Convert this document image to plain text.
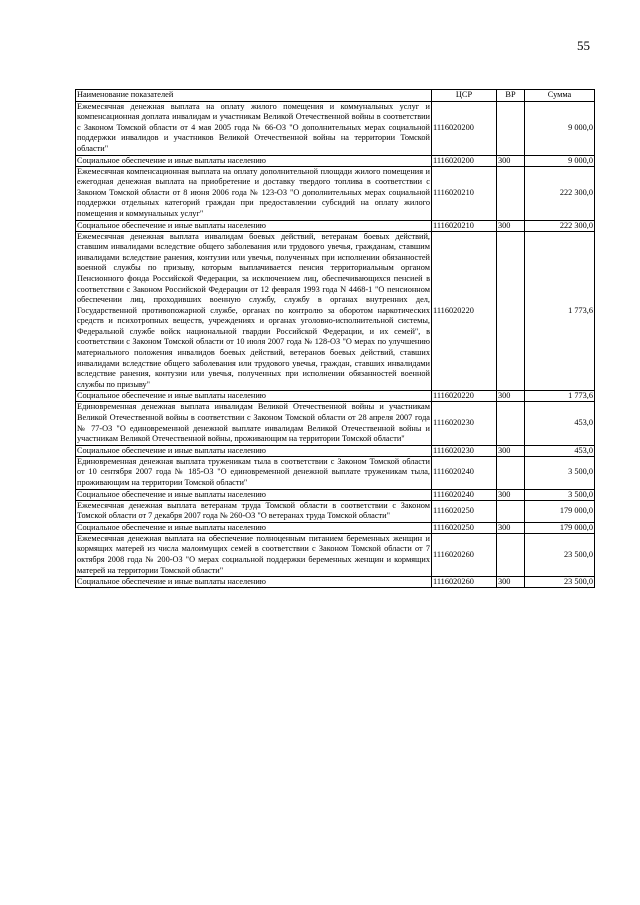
55
Наименование показателей	ЦСР	ВР	Сумма
Ежемесячная денежная выплата на оплату жилого помещения и коммунальных услуг и компенсационная доплата инвалидам и участникам Великой Отечественной войны в соответствии с Законом Томской области от 4 мая 2005 года № 66-ОЗ "О дополнительных мерах социальной поддержки инвалидов и участников Великой Отечественной войны на территории Томской области"	1116020200		9 000,0
Социальное обеспечение и иные выплаты населению	1116020200	300	9 000,0
Ежемесячная компенсационная выплата на оплату дополнительной площади жилого помещения и ежегодная денежная выплата на приобретение и доставку твердого топлива в соответствии с Законом Томской области от 8 июня 2006 года № 123-ОЗ "О дополнительных мерах социальной поддержки отдельных категорий граждан при предоставлении субсидий на оплату жилого помещения и коммунальных услуг"	1116020210		222 300,0
Социальное обеспечение и иные выплаты населению	1116020210	300	222 300,0
Ежемесячная денежная выплата инвалидам боевых действий, ветеранам боевых действий, ставшим инвалидами вследствие общего заболевания или трудового увечья, гражданам, ставшим инвалидами вследствие ранения, контузии или увечья, полученных при исполнении обязанностей военной службы по призыву, которым выплачивается пенсия территориальным органом Пенсионного фонда Российской Федерации, за исключением лиц, обеспечивающихся пенсией в соответствии с Законом Российской Федерации от 12 февраля 1993 года N 4468-1 "О пенсионном обеспечении лиц, проходивших военную службу, службу в органах внутренних дел, Государственной противопожарной службе, органах по контролю за оборотом наркотических средств и психотропных веществ, учреждениях и органах уголовно-исполнительной системы, Федеральной службе войск национальной гвардии Российской Федерации, и их семей", в соответствии с Законом Томской области от 10 июля 2007 года № 128-ОЗ "О мерах по улучшению материального положения инвалидов боевых действий, ветеранов боевых действий, ставших инвалидами вследствие общего заболевания или трудового увечья, граждан, ставших инвалидами вследствие ранения, контузии или увечья, полученных при исполнении обязанностей военной службы по призыву"	1116020220		1 773,6
Социальное обеспечение и иные выплаты населению	1116020220	300	1 773,6
Единовременная денежная выплата инвалидам Великой Отечественной войны и участникам Великой Отечественной войны в соответствии с Законом Томской области от 28 апреля 2007 года № 77-ОЗ "О единовременной денежной выплате инвалидам Великой Отечественной войны и участникам Великой Отечественной войны, проживающим на территории Томской области"	1116020230		453,0
Социальное обеспечение и иные выплаты населению	1116020230	300	453,0
Единовременная денежная выплата труженикам тыла в соответствии с Законом Томской области от 10 сентября 2007 года № 185-ОЗ "О единовременной денежной выплате труженикам тыла, проживающим на территории Томской области"	1116020240		3 500,0
Социальное обеспечение и иные выплаты населению	1116020240	300	3 500,0
Ежемесячная денежная выплата ветеранам труда Томской области в соответствии с Законом Томской области от 7 декабря 2007 года № 260-ОЗ "О ветеранах труда Томской области"	1116020250		179 000,0
Социальное обеспечение и иные выплаты населению	1116020250	300	179 000,0
Ежемесячная денежная выплата на обеспечение полноценным питанием беременных женщин и кормящих матерей из числа малоимущих семей в соответствии с Законом Томской области от 7 октября 2008 года № 200-ОЗ "О мерах социальной поддержки беременных женщин и кормящих матерей на территории Томской области"	1116020260		23 500,0
Социальное обеспечение и иные выплаты населению	1116020260	300	23 500,0
